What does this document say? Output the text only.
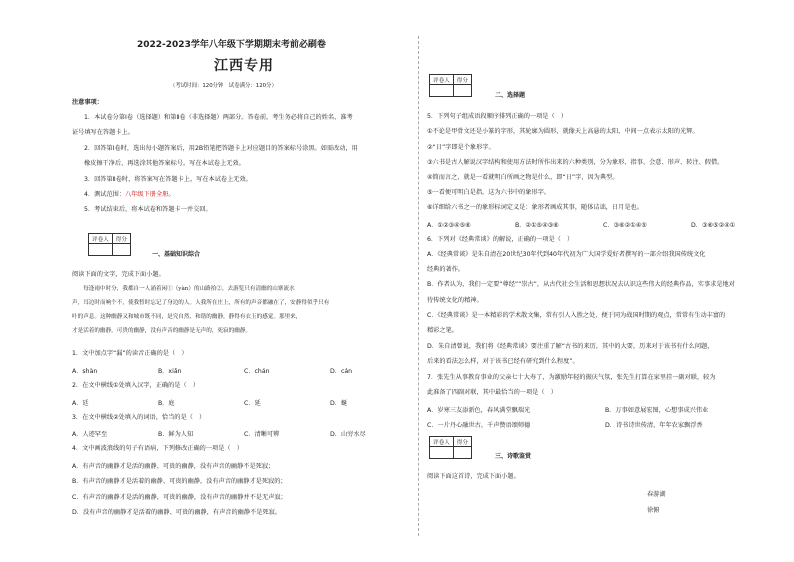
2022-2023学年八年级下学期期末考前必刷卷
江西专用
（考试时间：120分钟　试卷满分：120分）
注意事项：
1．本试卷分第Ⅰ卷（选择题）和第Ⅱ卷（非选择题）两部分。答卷前，考生务必将自己的姓名、准考
证号填写在答题卡上。
2．回答第Ⅰ卷时，选出每小题答案后，用2B铅笔把答题卡上对应题目的答案标号涂黑。如需改动，用
橡皮擦干净后，再选涂其他答案标号。写在本试卷上无效。
3．回答第Ⅱ卷时，将答案写在答题卡上。写在本试卷上无效。
4．测试范围：八年级下册全册。
5．考试结束后，将本试卷和答题卡一并交回。
评卷人	得分

一、基础知识综合
阅读下面的文字，完成下面小题。
　　每逢雨中时分，我都自一人涌着闲①（yàn）的山路拾②，去游览只有清幽的山寨流水
声，耳边时而响个不，使我暂时忘记了身边的人。人我所在庄上，所有的声音都融在了，安静得似乎只有
叶的声息。这种幽静又和城市既不同，是究自然、和谐的幽静，静得有衣玉的感觉。那里来，
才是活着的幽静，可贵的幽静，没有声音的幽静是无声的，死寂的幽静。
1．文中加点字“漏”的读音正确的是（　）
A．shàn	B．xiǎn	C．chán	D．cán
2．在文中横线①处填入汉字，正确的是（　）
A．廷	B．庭	C．延	D．蜒
3．在文中横线②处填入的词语，恰当的是（　）
A．人迹罕至	B．鲜为人知	C．清晰可辨	D．山穷水尽
4．文中画波浪线的句子有语病，下列修改正确的一项是（　）
A．有声音的幽静才是活的幽静、可贵的幽静，没有声音的幽静不是死寂；
B．有声音的幽静才是活着的幽静、可贵的幽静，没有声音的幽静才是死寂的；
C．有声音的幽静才是活的幽静，可贵的幽静，没有声音的幽静并不是无声寂；
D．没有声音的幽静才是活着的幽静、可贵的幽静，有声音的幽静不是死寂。
评卷人	得分

二、选择题
5．下列句子组成语段顺序排列正确的一项是（　）
①不论是甲骨文还是小篆的字形，其轮廓为圆形，就像天上高悬的太阳，中间一点表示太阳的光辉。
②“日”字即是个象形字。
③六书是古人解说汉字结构和使用方法时所作出来的六种类别，分为象形、指事、会意、形声、转注、假借。
④简而言之，就是一看就明白所画之物是什么，即“日”字，因为典型。
⑤一看便可明白是指，这为六书中的象形字。
⑥详细给六书之一的象形标词定义是：象形者画成其事，随体诘诎，日月是也。
A．①②③④⑤⑥	B．②①⑤④③⑥	C．③⑥②①④⑤	D．③⑥⑤②④①
6．下列对《经典常谈》的解说，正确的一项是（　）
A．《经典常谈》是朱自清在20世纪30年代到40年代初为广大国学爱好者撰写的一部介绍我国传统文化
经典的著作。
B．作者认为，我们一定要“尊经”“崇古”，从古代社会生活和思想状况去认识这些伟大的经典作品，实事求是地对
待传统文化的精神。
C．《经典常谈》是一本精彩的学术散文集，常有引人入胜之处，便于同为战国时期的观点，常常有生动丰富的
精彩之笔。
D．朱自清曾说，我们将《经典常谈》要注重了解“古书的来历，其中的大要，历来对于该书有什么问题，
后来的看法怎么样，对于该书已经有研究到什么程度”。
7．张先生从事教育事业的父亲七十大寿了，为激励年轻的振庆气氛，张先生打算在家里挂一副对联，较为
此准备了四副对联，其中最恰当的一项是（　）
A．岁寒三友添新色，春风满堂飘瑞光	B．万事如意展宏图，心想事成兴伟业
C．一片丹心融世古，千声赞语颂师德	D．诗书诗世传清，年年农家飘浮香
评卷人	得分

三、诗歌鉴赏
阅读下面这首诗，完成下面小题。
春游湖
徐俯
